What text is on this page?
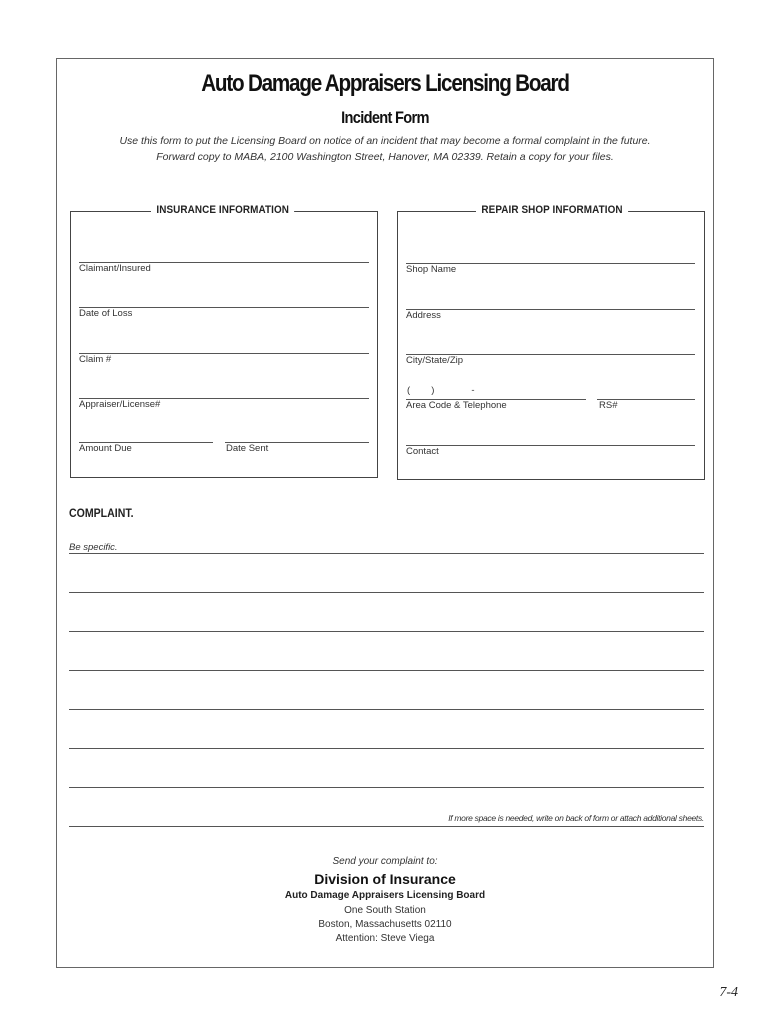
Auto Damage Appraisers Licensing Board
Incident Form
Use this form to put the Licensing Board on notice of an incident that may become a formal complaint in the future.
Forward copy to MABA, 2100 Washington Street, Hanover, MA 02339. Retain a copy for your files.
INSURANCE INFORMATION
Claimant/Insured
Date of Loss
Claim #
Appraiser/License#
Amount Due	Date Sent
REPAIR SHOP INFORMATION
Shop Name
Address
City/State/Zip
(        )              -
Area Code & Telephone	RS#
Contact
COMPLAINT.
Be specific.
If more space is needed, write on back of form or attach additional sheets.
Send your complaint to:
Division of Insurance
Auto Damage Appraisers Licensing Board
One South Station
Boston, Massachusetts 02110
Attention: Steve Viega
7-4
